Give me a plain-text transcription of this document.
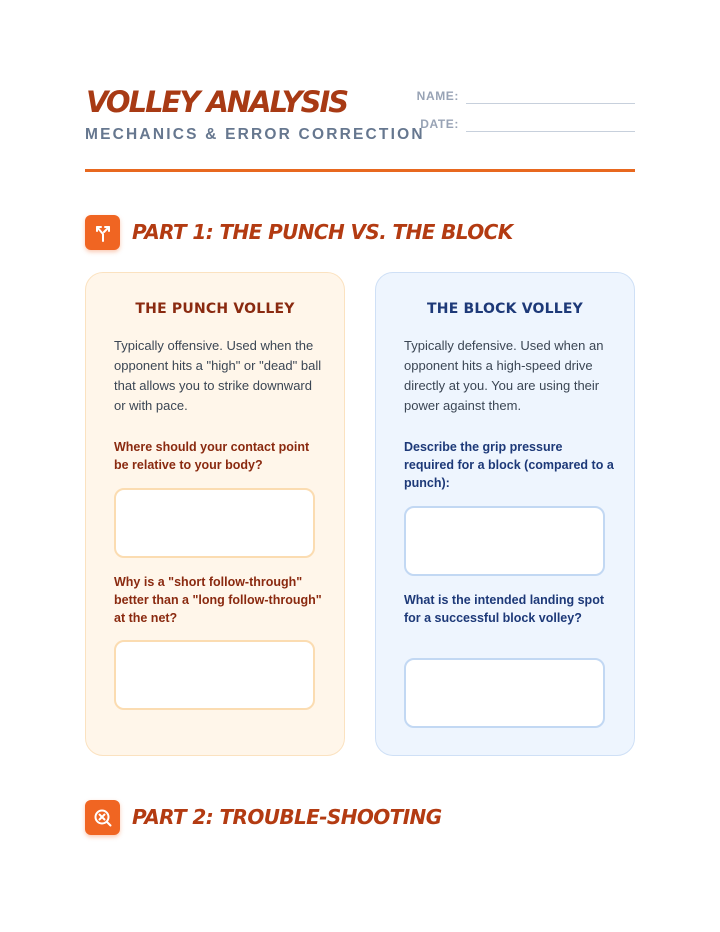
VOLLEY ANALYSIS
MECHANICS & ERROR CORRECTION
NAME:
DATE:
PART 1: THE PUNCH VS. THE BLOCK
THE PUNCH VOLLEY

Typically offensive. Used when the opponent hits a "high" or "dead" ball that allows you to strike downward or with pace.

Where should your contact point be relative to your body?

Why is a "short follow-through" better than a "long follow-through" at the net?

THE BLOCK VOLLEY

Typically defensive. Used when an opponent hits a high-speed drive directly at you. You are using their power against them.

Describe the grip pressure required for a block (compared to a punch):

What is the intended landing spot for a successful block volley?

PART 2: TROUBLE-SHOOTING
